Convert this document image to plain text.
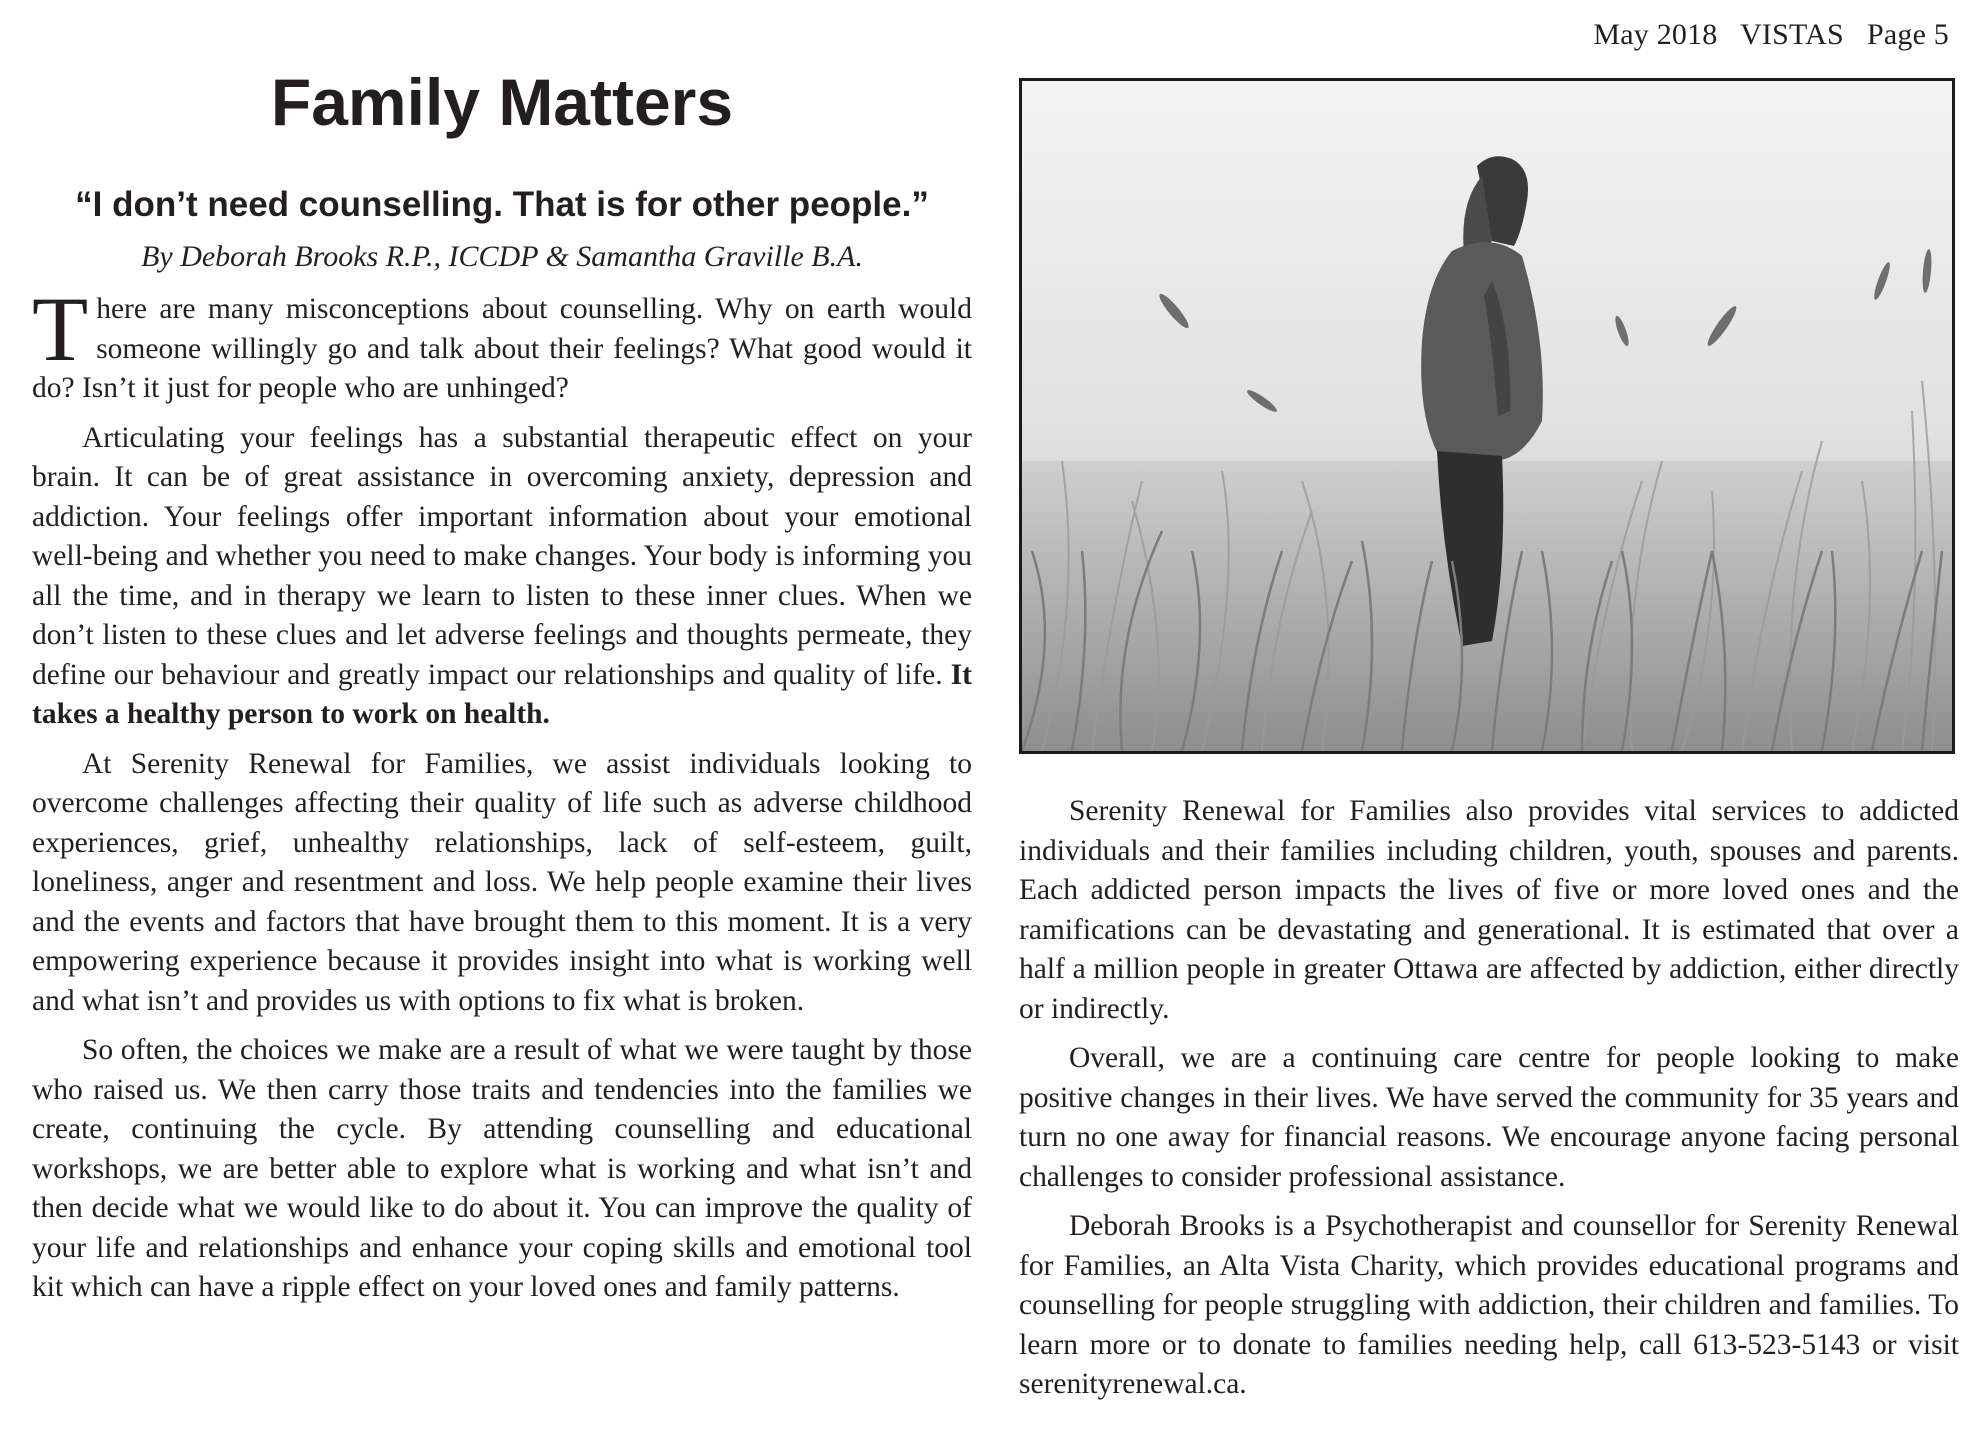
May 2018   VISTAS   Page 5
Family Matters
“I don’t need counselling. That is for other people.”
By Deborah Brooks R.P., ICCDP & Samantha Graville B.A.

There are many misconceptions about counselling. Why on earth would someone willingly go and talk about their feelings? What good would it do? Isn’t it just for people who are unhinged?

Articulating your feelings has a substantial therapeutic effect on your brain. It can be of great assistance in overcoming anxiety, depression and addiction. Your feelings offer important information about your emotional well-being and whether you need to make changes. Your body is informing you all the time, and in therapy we learn to listen to these inner clues. When we don’t listen to these clues and let adverse feelings and thoughts permeate, they define our behaviour and greatly impact our relationships and quality of life. It takes a healthy person to work on health.

At Serenity Renewal for Families, we assist individuals looking to overcome challenges affecting their quality of life such as adverse childhood experiences, grief, unhealthy relationships, lack of self-esteem, guilt, loneliness, anger and resentment and loss. We help people examine their lives and the events and factors that have brought them to this moment. It is a very empowering experience because it provides insight into what is working well and what isn’t and provides us with options to fix what is broken.

So often, the choices we make are a result of what we were taught by those who raised us. We then carry those traits and tendencies into the families we create, continuing the cycle. By attending counselling and educational workshops, we are better able to explore what is working and what isn’t and then decide what we would like to do about it. You can improve the quality of your life and relationships and enhance your coping skills and emotional tool kit which can have a ripple effect on your loved ones and family patterns.

Serenity Renewal for Families also provides vital services to addicted individuals and their families including children, youth, spouses and parents. Each addicted person impacts the lives of five or more loved ones and the ramifications can be devastating and generational. It is estimated that over a half a million people in greater Ottawa are affected by addiction, either directly or indirectly.

Overall, we are a continuing care centre for people looking to make positive changes in their lives. We have served the community for 35 years and turn no one away for financial reasons. We encourage anyone facing personal challenges to consider professional assistance.

Deborah Brooks is a Psychotherapist and counsellor for Serenity Renewal for Families, an Alta Vista Charity, which provides educational programs and counselling for people struggling with addiction, their children and families. To learn more or to donate to families needing help, call 613-523-5143 or visit serenityrenewal.ca.
